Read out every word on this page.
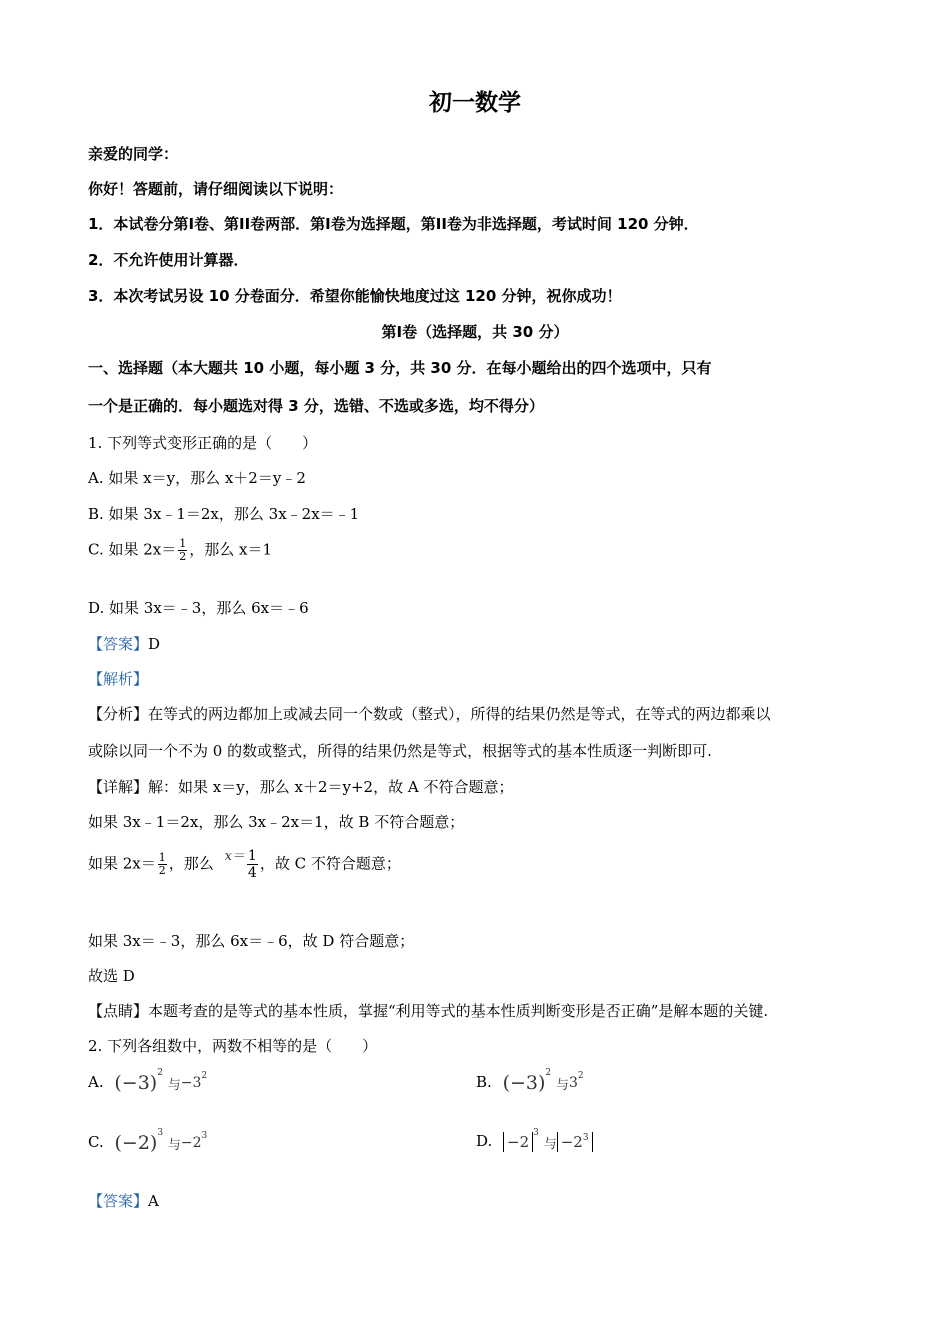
初一数学
亲爱的同学：
你好！答题前，请仔细阅读以下说明：
1．本试卷分第I卷、第II卷两部．第I卷为选择题，第II卷为非选择题，考试时间 120 分钟．
2．不允许使用计算器．
3．本次考试另设 10 分卷面分．希望你能愉快地度过这 120 分钟，祝你成功！
第I卷（选择题，共 30 分）
一、选择题（本大题共 10 小题，每小题 3 分，共 30 分．在每小题给出的四个选项中，只有
一个是正确的．每小题选对得 3 分，选错、不选或多选，均不得分）
1. 下列等式变形正确的是（　　）
A. 如果 x＝y，那么 x＋2＝y﹣2
B. 如果 3x﹣1＝2x，那么 3x﹣2x＝﹣1
C. 如果 $2x= \frac{1}{2}$ ，那么 x＝1
D. 如果 3x＝﹣3，那么 6x＝﹣6
【答案】D
【解析】
【分析】在等式的两边都加上或减去同一个数或（整式），所得的结果仍然是等式，在等式的两边都乘以
或除以同一个不为 0 的数或整式，所得的结果仍然是等式，根据等式的基本性质逐一判断即可.
【详解】解：如果 x＝y，那么 x＋2＝y+2，故 A 不符合题意；
如果 3x﹣1＝2x，那么 3x﹣2x＝1，故 B 不符合题意；
如果 $2x= \frac{1}{2}$ ，那么 $x= \frac{1}{4}$ ，故 C 不符合题意；
如果 3x＝﹣3，那么 6x＝﹣6，故 D 符合题意；
故选 D
【点睛】本题考查的是等式的基本性质，掌握“利用等式的基本性质判断变形是否正确”是解本题的关键.
2. 下列各组数中，两数不相等的是（　　）
A. $(-3)^2$ 与$-3^2$	B. $(-3)^2$ 与$3^2$
C. $(-2)^3$ 与$-2^3$	D. −2 $^3$ 与 $-2^3$
【答案】A
